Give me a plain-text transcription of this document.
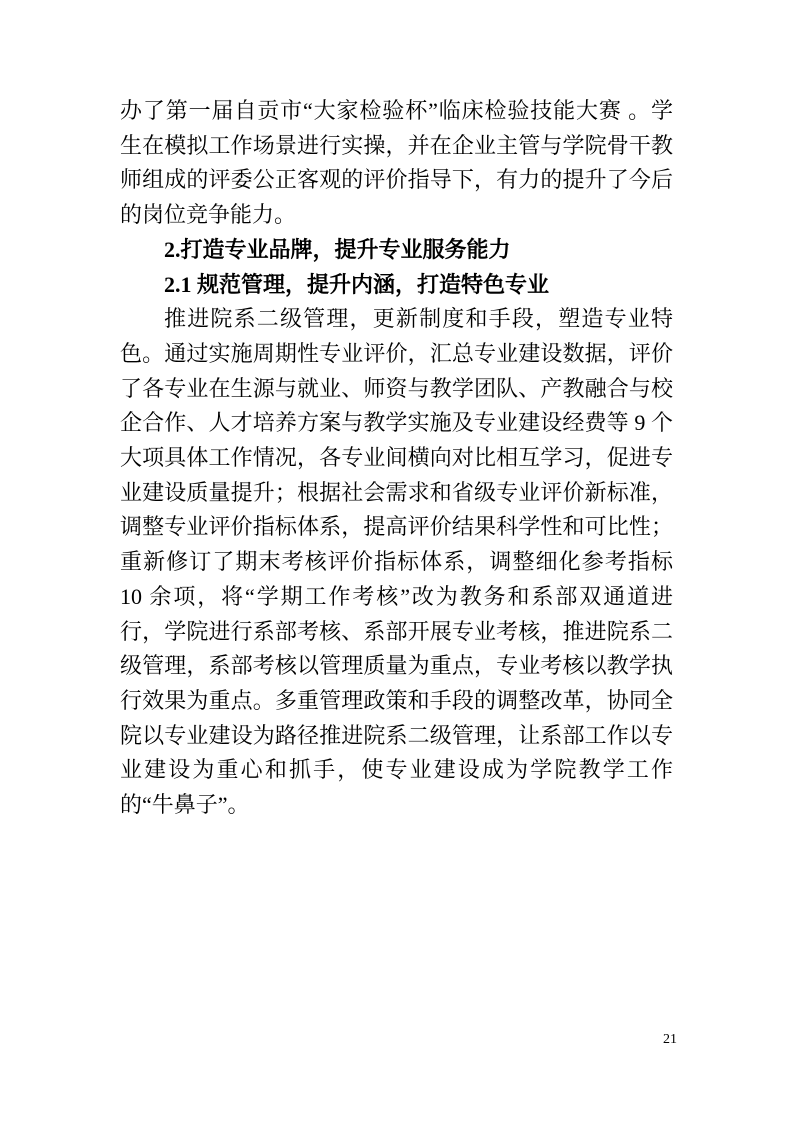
办了第一届自贡市“大家检验杯”临床检验技能大赛 。学生在模拟工作场景进行实操，并在企业主管与学院骨干教师组成的评委公正客观的评价指导下，有力的提升了今后的岗位竞争能力。

2.打造专业品牌，提升专业服务能力

2.1 规范管理，提升内涵，打造特色专业

推进院系二级管理，更新制度和手段，塑造专业特色。通过实施周期性专业评价，汇总专业建设数据，评价了各专业在生源与就业、师资与教学团队、产教融合与校企合作、人才培养方案与教学实施及专业建设经费等 9 个大项具体工作情况，各专业间横向对比相互学习，促进专业建设质量提升；根据社会需求和省级专业评价新标准，调整专业评价指标体系，提高评价结果科学性和可比性；重新修订了期末考核评价指标体系，调整细化参考指标 10 余项，将“学期工作考核”改为教务和系部双通道进行，学院进行系部考核、系部开展专业考核，推进院系二级管理，系部考核以管理质量为重点，专业考核以教学执行效果为重点。多重管理政策和手段的调整改革，协同全院以专业建设为路径推进院系二级管理，让系部工作以专业建设为重心和抓手，使专业建设成为学院教学工作的“牛鼻子”。

21
